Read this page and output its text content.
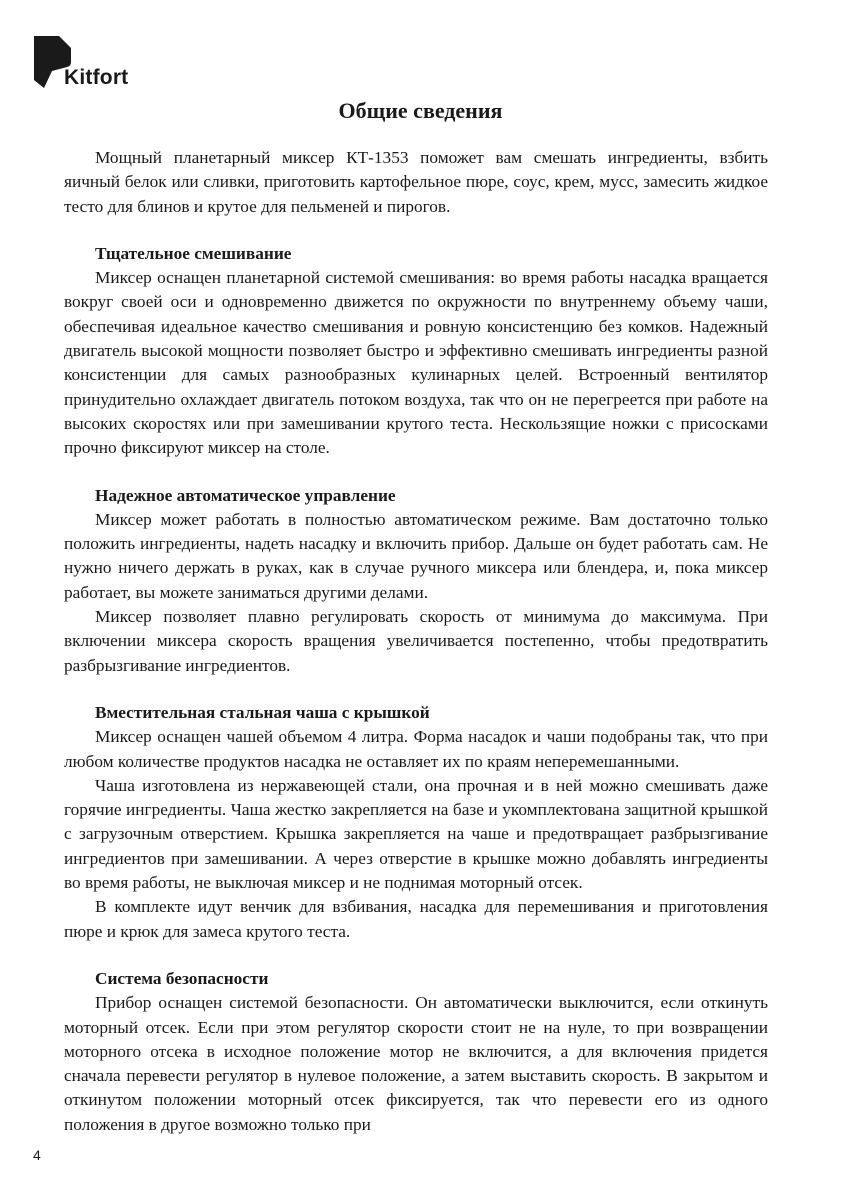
Kitfort
Общие сведения

Мощный планетарный миксер КТ-1353 поможет вам смешать ингредиенты, взбить яичный белок или сливки, приготовить картофельное пюре, соус, крем, мусс, замесить жидкое тесто для блинов и крутое для пельменей и пирогов.

Тщательное смешивание

Миксер оснащен планетарной системой смешивания: во время работы насадка вращается вокруг своей оси и одновременно движется по окружности по внутреннему объему чаши, обеспечивая идеальное качество смешивания и ровную консистенцию без комков. Надежный двигатель высокой мощности позволяет быстро и эффективно смешивать ингредиенты разной консистенции для самых разнообразных кулинарных целей. Встроенный вентилятор принудительно охлаждает двигатель потоком воздуха, так что он не перегреется при работе на высоких скоростях или при замешивании крутого теста. Нескользящие ножки с присосками прочно фиксируют миксер на столе.

Надежное автоматическое управление

Миксер может работать в полностью автоматическом режиме. Вам достаточно только положить ингредиенты, надеть насадку и включить прибор. Дальше он будет работать сам. Не нужно ничего держать в руках, как в случае ручного миксера или блендера, и, пока миксер работает, вы можете заниматься другими делами.

Миксер позволяет плавно регулировать скорость от минимума до максимума. При включении миксера скорость вращения увеличивается постепенно, чтобы предотвратить разбрызгивание ингредиентов.

Вместительная стальная чаша с крышкой

Миксер оснащен чашей объемом 4 литра. Форма насадок и чаши подобраны так, что при любом количестве продуктов насадка не оставляет их по краям неперемешанными.

Чаша изготовлена из нержавеющей стали, она прочная и в ней можно смешивать даже горячие ингредиенты. Чаша жестко закрепляется на базе и укомплектована защитной крышкой с загрузочным отверстием. Крышка закрепляется на чаше и предотвращает разбрызгивание ингредиентов при замешивании. А через отверстие в крышке можно добавлять ингредиенты во время работы, не выключая миксер и не поднимая моторный отсек.

В комплекте идут венчик для взбивания, насадка для перемешивания и приготовления пюре и крюк для замеса крутого теста.

Система безопасности

Прибор оснащен системой безопасности. Он автоматически выключится, если откинуть моторный отсек. Если при этом регулятор скорости стоит не на нуле, то при возвращении моторного отсека в исходное положение мотор не включится, а для включения придется сначала перевести регулятор в нулевое положение, а затем выставить скорость. В закрытом и откинутом положении моторный отсек фиксируется, так что перевести его из одного положения в другое возможно только при

4
